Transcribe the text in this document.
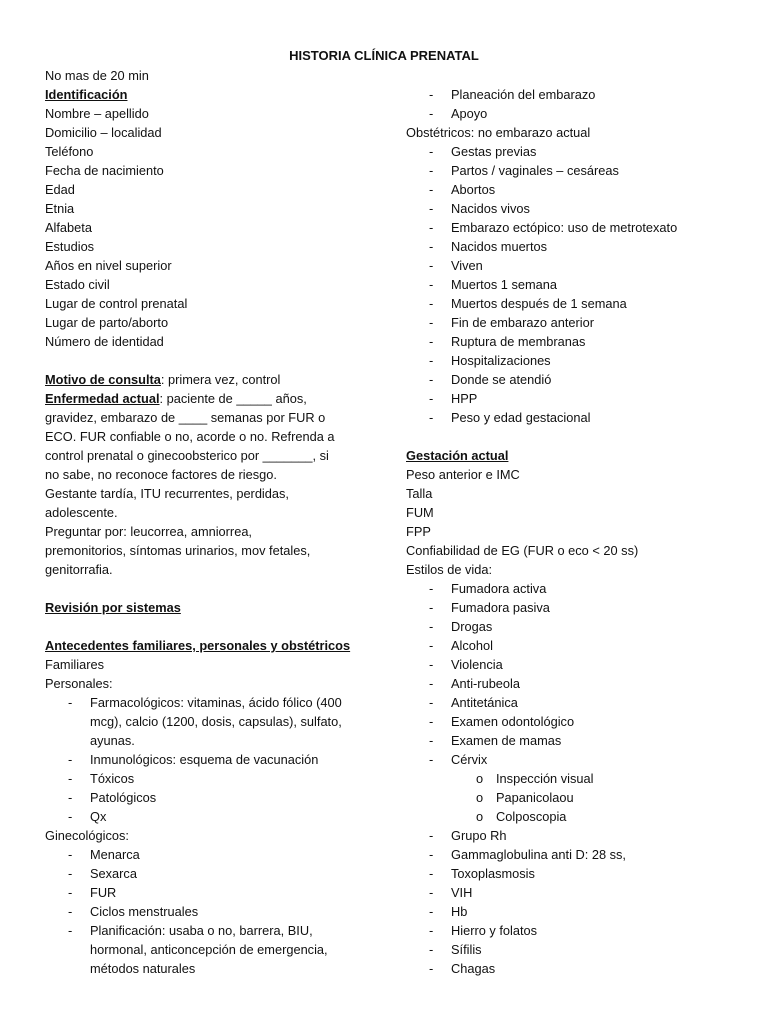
HISTORIA CLÍNICA PRENATAL
No mas de 20 min
Identificación
Nombre – apellido
Domicilio – localidad
Teléfono
Fecha de nacimiento
Edad
Etnia
Alfabeta
Estudios
Años en nivel superior
Estado civil
Lugar de control prenatal
Lugar de parto/aborto
Número de identidad
Motivo de consulta: primera vez, control
Enfermedad actual: paciente de _____ años,
gravidez, embarazo de ____ semanas por FUR o
ECO. FUR confiable o no, acorde o no. Refrenda a
control prenatal o ginecoobsterico por _______, si
no sabe, no reconoce factores de riesgo.
Gestante tardía, ITU recurrentes, perdidas,
adolescente.
Preguntar por: leucorrea, amniorrea,
premonitorios, síntomas urinarios, mov fetales,
genitorrafia.
Revisión por sistemas
Antecedentes familiares, personales y obstétricos
Familiares
Personales:
- Farmacológicos: vitaminas, ácido fólico (400
mcg), calcio (1200, dosis, capsulas), sulfato,
ayunas.
- Inmunológicos: esquema de vacunación
- Tóxicos
- Patológicos
- Qx
Ginecológicos:
- Menarca
- Sexarca
- FUR
- Ciclos menstruales
- Planificación: usaba o no, barrera, BIU,
hormonal, anticoncepción de emergencia,
métodos naturales
- Planeación del embarazo
- Apoyo
Obstétricos: no embarazo actual
- Gestas previas
- Partos / vaginales – cesáreas
- Abortos
- Nacidos vivos
- Embarazo ectópico: uso de metrotexato
- Nacidos muertos
- Viven
- Muertos 1 semana
- Muertos después de 1 semana
- Fin de embarazo anterior
- Ruptura de membranas
- Hospitalizaciones
- Donde se atendió
- HPP
- Peso y edad gestacional
Gestación actual
Peso anterior e IMC
Talla
FUM
FPP
Confiabilidad de EG (FUR o eco < 20 ss)
Estilos de vida:
- Fumadora activa
- Fumadora pasiva
- Drogas
- Alcohol
- Violencia
- Anti-rubeola
- Antitetánica
- Examen odontológico
- Examen de mamas
- Cérvix
o Inspección visual
o Papanicolaou
o Colposcopia
- Grupo Rh
- Gammaglobulina anti D: 28 ss,
- Toxoplasmosis
- VIH
- Hb
- Hierro y folatos
- Sífilis
- Chagas
